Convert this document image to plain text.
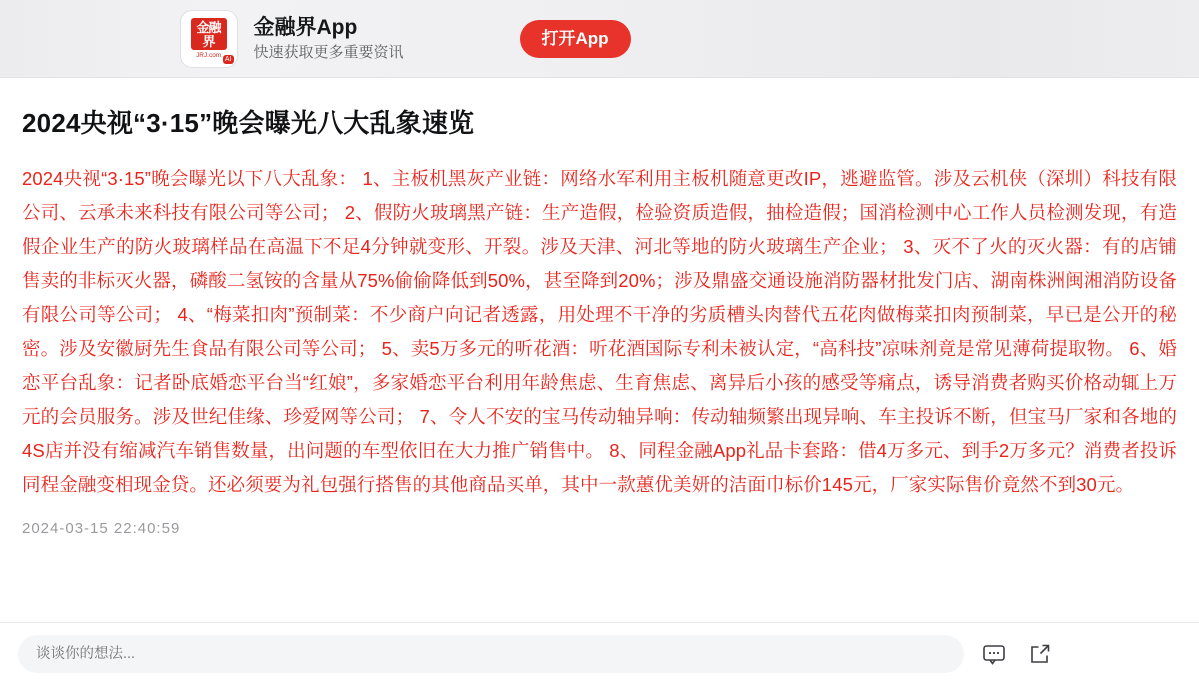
金融界
JRJ.com AI
金融界App
快速获取更多重要资讯
打开App
2024央视“3·15”晚会曝光八大乱象速览

2024央视“3·15”晚会曝光以下八大乱象： 1、主板机黑灰产业链：网络水军利用主板机随意更改IP，逃避监管。涉及云机侠（深圳）科技有限公司、云承未来科技有限公司等公司； 2、假防火玻璃黑产链：生产造假，检验资质造假，抽检造假；国消检测中心工作人员检测发现，有造假企业生产的防火玻璃样品在高温下不足4分钟就变形、开裂。涉及天津、河北等地的防火玻璃生产企业； 3、灭不了火的灭火器：有的店铺售卖的非标灭火器，磷酸二氢铵的含量从75%偷偷降低到50%，甚至降到20%；涉及鼎盛交通设施消防器材批发门店、湖南株洲闽湘消防设备有限公司等公司； 4、“梅菜扣肉”预制菜：不少商户向记者透露，用处理不干净的劣质槽头肉替代五花肉做梅菜扣肉预制菜，早已是公开的秘密。涉及安徽厨先生食品有限公司等公司； 5、卖5万多元的听花酒：听花酒国际专利未被认定，“高科技”凉味剂竟是常见薄荷提取物。 6、婚恋平台乱象：记者卧底婚恋平台当“红娘”，多家婚恋平台利用年龄焦虑、生育焦虑、离异后小孩的感受等痛点，诱导消费者购买价格动辄上万元的会员服务。涉及世纪佳缘、珍爱网等公司； 7、令人不安的宝马传动轴异响：传动轴频繁出现异响、车主投诉不断，但宝马厂家和各地的4S店并没有缩减汽车销售数量，出问题的车型依旧在大力推广销售中。 8、同程金融App礼品卡套路：借4万多元、到手2万多元？消费者投诉同程金融变相现金贷。还必须要为礼包强行搭售的其他商品买单，其中一款蕙优美妍的洁面巾标价145元，厂家实际售价竟然不到30元。

2024-03-15 22:40:59
谈谈你的想法...
